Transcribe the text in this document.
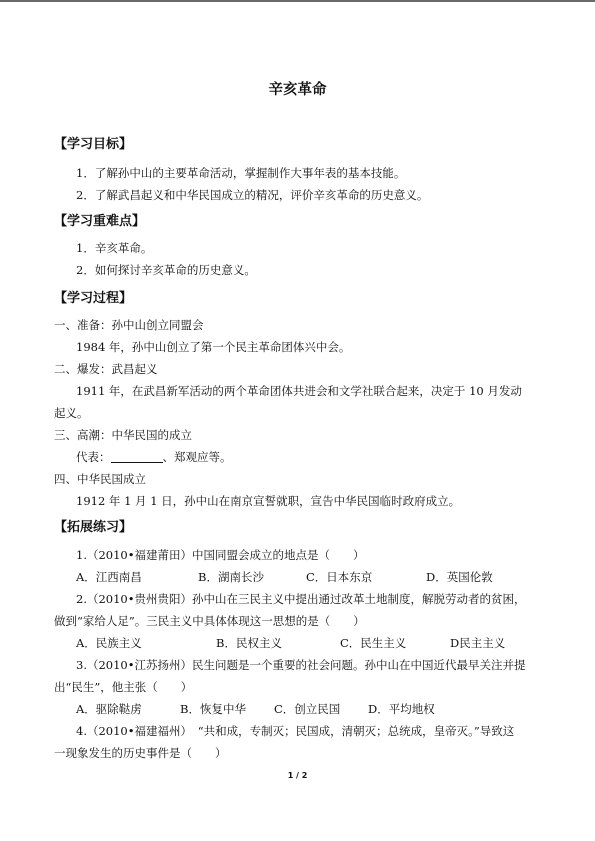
辛亥革命
【学习目标】
1．了解孙中山的主要革命活动，掌握制作大事年表的基本技能。
2．了解武昌起义和中华民国成立的精况，评价辛亥革命的历史意义。
【学习重难点】
1．辛亥革命。
2．如何探讨辛亥革命的历史意义。
【学习过程】
一、准备：孙中山创立同盟会
1984 年，孙中山创立了第一个民主革命团体兴中会。
二、爆发：武昌起义
1911 年，在武昌新军活动的两个革命团体共进会和文学社联合起来，决定于 10 月发动
起义。
三、高潮：中华民国的成立
代表：	、郑观应等。
四、中华民国成立
1912 年 1 月 1 日，孙中山在南京宣誓就职，宣告中华民国临时政府成立。
【拓展练习】
1.（2010•福建莆田）中国同盟会成立的地点是（　　）
A．江西南昌	B．湖南长沙	C．日本东京	D．英国伦敦
2.（2010•贵州贵阳）孙中山在三民主义中提出通过改革土地制度，解脱劳动者的贫困，
做到“家给人足”。三民主义中具体体现这一思想的是（　　）
A．民族主义	B．民权主义	C．民生主义	D民主主义
3.（2010•江苏扬州）民生问题是一个重要的社会问题。孙中山在中国近代最早关注并提
出“民生”，他主张（　　）
A．驱除鞑虏	B．恢复中华 C．创立民国 D．平均地权
4.（2010•福建福州）　“共和成，专制灭；民国成，清朝灭；总统成，皇帝灭。”导致这
一现象发生的历史事件是（　　）
1 / 2
